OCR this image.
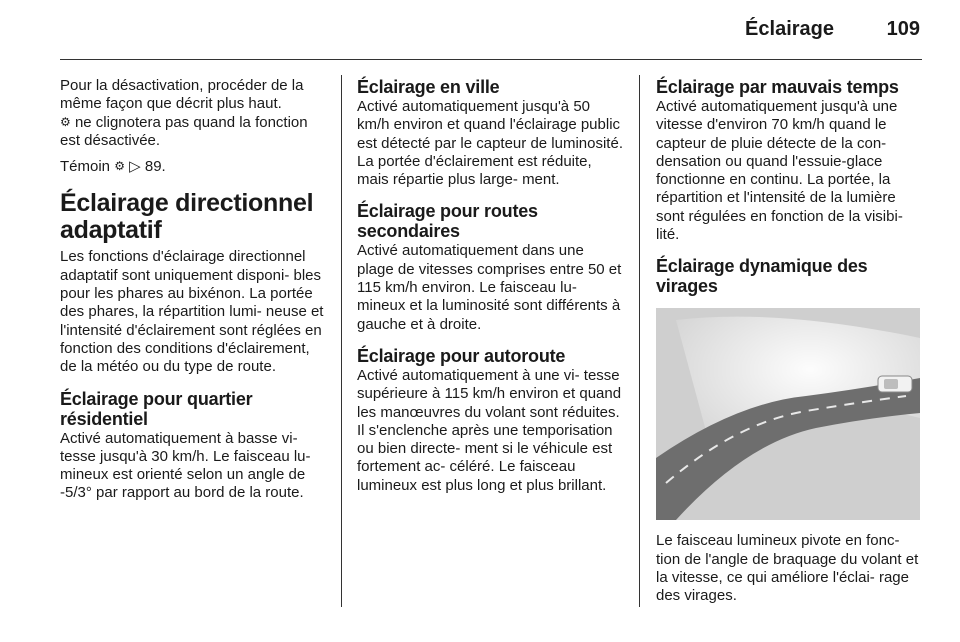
Éclairage	109

Pour la désactivation, procéder de la même façon que décrit plus haut.

⚙ ne clignotera pas quand la fonction est désactivée.

Témoin ⚙ ▷ 89.

Éclairage directionnel adaptatif

Les fonctions d'éclairage directionnel adaptatif sont uniquement disponi- bles pour les phares au bixénon. La portée des phares, la répartition lumi- neuse et l'intensité d'éclairement sont réglées en fonction des conditions d'éclairement, de la météo ou du type de route.

Éclairage pour quartier résidentiel

Activé automatiquement à basse vi- tesse jusqu'à 30 km/h. Le faisceau lu- mineux est orienté selon un angle de -5/3° par rapport au bord de la route.

Éclairage en ville

Activé automatiquement jusqu'à 50 km/h environ et quand l'éclairage public est détecté par le capteur de luminosité. La portée d'éclairement est réduite, mais répartie plus large- ment.

Éclairage pour routes secondaires

Activé automatiquement dans une plage de vitesses comprises entre 50 et 115 km/h environ. Le faisceau lu- mineux et la luminosité sont différents à gauche et à droite.

Éclairage pour autoroute

Activé automatiquement à une vi- tesse supérieure à 115 km/h environ et quand les manœuvres du volant sont réduites. Il s'enclenche après une temporisation ou bien directe- ment si le véhicule est fortement ac- céléré. Le faisceau lumineux est plus long et plus brillant.

Éclairage par mauvais temps

Activé automatiquement jusqu'à une vitesse d'environ 70 km/h quand le capteur de pluie détecte de la con- densation ou quand l'essuie-glace fonctionne en continu. La portée, la répartition et l'intensité de la lumière sont régulées en fonction de la visibi- lité.

Éclairage dynamique des virages

Le faisceau lumineux pivote en fonc- tion de l'angle de braquage du volant et la vitesse, ce qui améliore l'éclai- rage des virages.
